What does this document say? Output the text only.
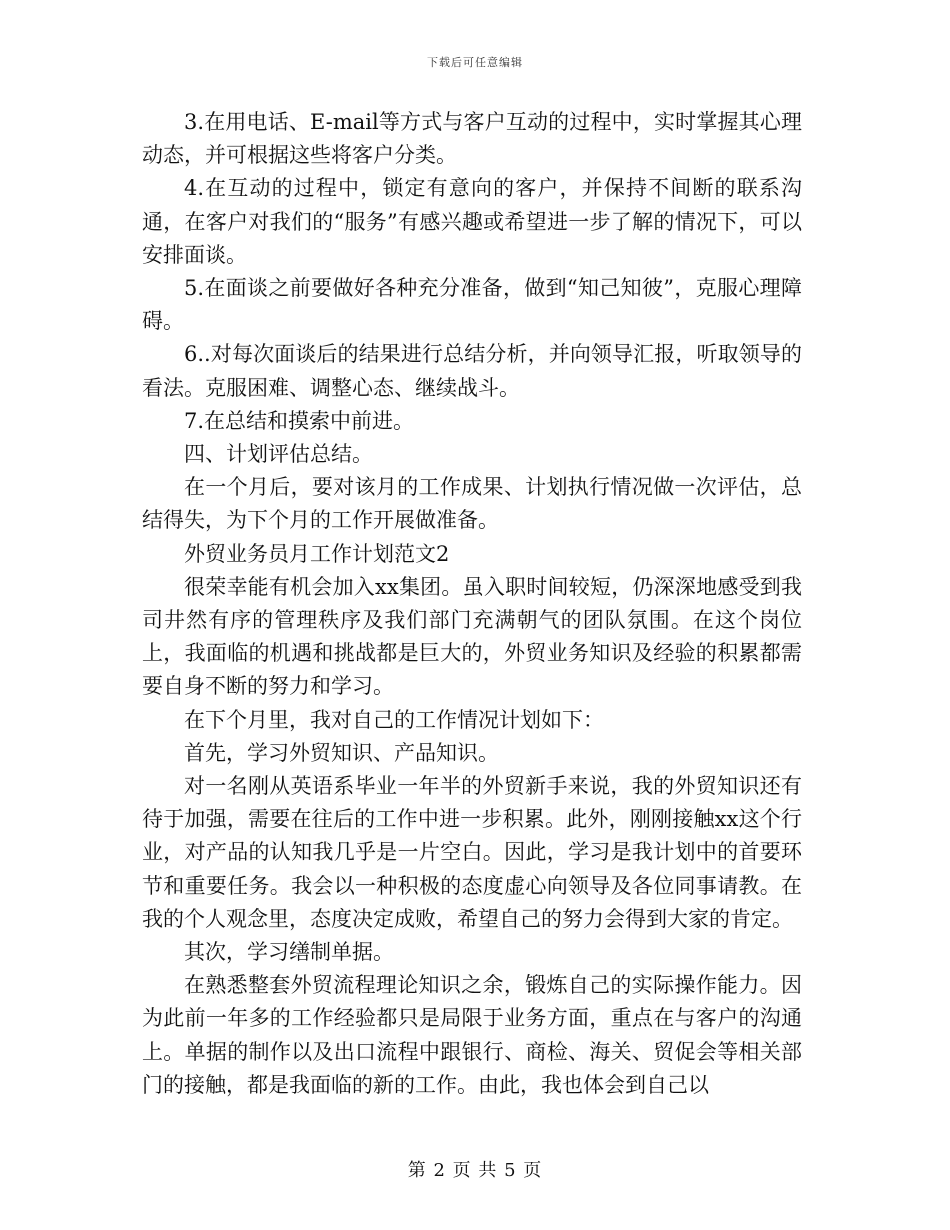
下载后可任意编辑

3.在用电话、E-mail等方式与客户互动的过程中，实时掌握其心理动态，并可根据这些将客户分类。

4.在互动的过程中，锁定有意向的客户，并保持不间断的联系沟通，在客户对我们的“服务”有感兴趣或希望进一步了解的情况下，可以安排面谈。

5.在面谈之前要做好各种充分准备，做到“知己知彼”，克服心理障碍。

6..对每次面谈后的结果进行总结分析，并向领导汇报，听取领导的看法。克服困难、调整心态、继续战斗。

7.在总结和摸索中前进。

四、计划评估总结。

在一个月后，要对该月的工作成果、计划执行情况做一次评估，总结得失，为下个月的工作开展做准备。

外贸业务员月工作计划范文2

很荣幸能有机会加入xx集团。虽入职时间较短，仍深深地感受到我司井然有序的管理秩序及我们部门充满朝气的团队氛围。在这个岗位上，我面临的机遇和挑战都是巨大的，外贸业务知识及经验的积累都需要自身不断的努力和学习。

在下个月里，我对自己的工作情况计划如下：

首先，学习外贸知识、产品知识。

对一名刚从英语系毕业一年半的外贸新手来说，我的外贸知识还有待于加强，需要在往后的工作中进一步积累。此外，刚刚接触xx这个行业，对产品的认知我几乎是一片空白。因此，学习是我计划中的首要环节和重要任务。我会以一种积极的态度虚心向领导及各位同事请教。在我的个人观念里，态度决定成败，希望自己的努力会得到大家的肯定。

其次，学习缮制单据。

在熟悉整套外贸流程理论知识之余，锻炼自己的实际操作能力。因为此前一年多的工作经验都只是局限于业务方面，重点在与客户的沟通上。单据的制作以及出口流程中跟银行、商检、海关、贸促会等相关部门的接触，都是我面临的新的工作。由此，我也体会到自己以

第 2 页 共 5 页
